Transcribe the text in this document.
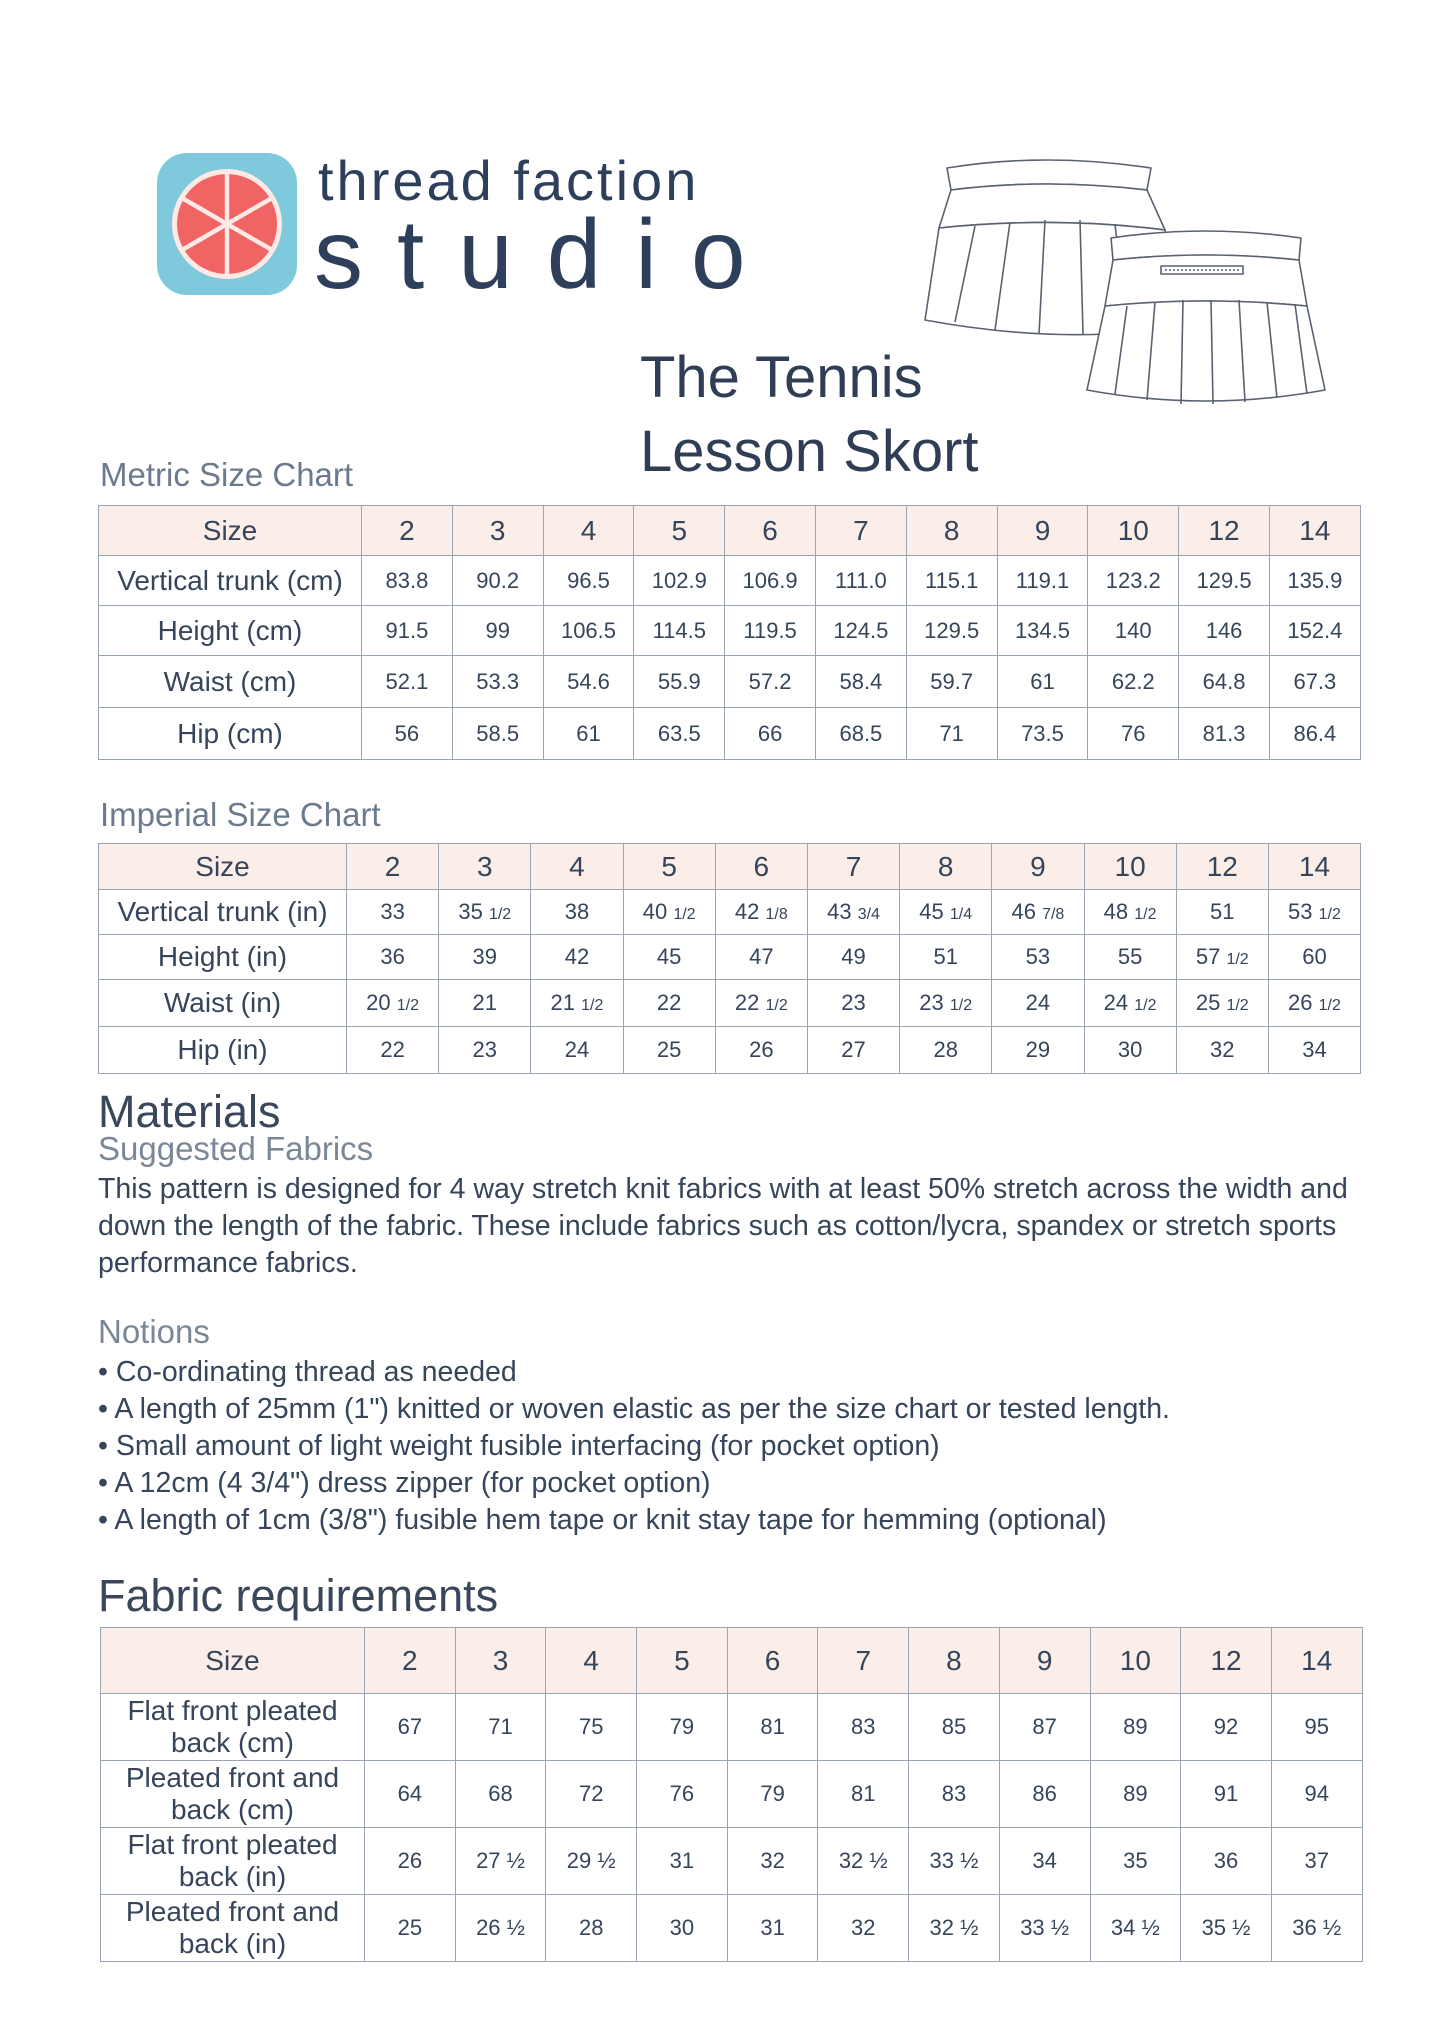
thread faction
studio
The Tennis
Lesson Skort
Metric Size Chart
Size	2	3	4	5	6	7	8	9	10	12	14
Vertical trunk (cm)	83.8	90.2	96.5	102.9	106.9	111.0	115.1	119.1	123.2	129.5	135.9
Height (cm)	91.5	99	106.5	114.5	119.5	124.5	129.5	134.5	140	146	152.4
Waist (cm)	52.1	53.3	54.6	55.9	57.2	58.4	59.7	61	62.2	64.8	67.3
Hip (cm)	56	58.5	61	63.5	66	68.5	71	73.5	76	81.3	86.4
Imperial Size Chart
Size	2	3	4	5	6	7	8	9	10	12	14
Vertical trunk (in)	33	35 1/2	38	40 1/2	42 1/8	43 3/4	45 1/4	46 7/8	48 1/2	51	53 1/2
Height (in)	36	39	42	45	47	49	51	53	55	57 1/2	60
Waist (in)	20 1/2	21	21 1/2	22	22 1/2	23	23 1/2	24	24 1/2	25 1/2	26 1/2
Hip (in)	22	23	24	25	26	27	28	29	30	32	34
Materials
Suggested Fabrics
This pattern is designed for 4 way stretch knit fabrics with at least 50% stretch across the width and down the length of the fabric. These include fabrics such as cotton/lycra, spandex or stretch sports performance fabrics.
Notions
• Co-ordinating thread as needed
• A length of 25mm (1") knitted or woven elastic as per the size chart or tested length.
• Small amount of light weight fusible interfacing (for pocket option)
• A 12cm (4 3/4") dress zipper (for pocket option)
• A length of 1cm (3/8") fusible hem tape or knit stay tape for hemming (optional)
Fabric requirements
Size	2	3	4	5	6	7	8	9	10	12	14

Flat front pleated
back (cm)	67	71	75	79	81	83	85	87	89	92	95

Pleated front and
back (cm)	64	68	72	76	79	81	83	86	89	91	94

Flat front pleated
back (in)	26	27 ½	29 ½	31	32	32 ½	33 ½	34	35	36	37

Pleated front and
back (in)	25	26 ½	28	30	31	32	32 ½	33 ½	34 ½	35 ½	36 ½
